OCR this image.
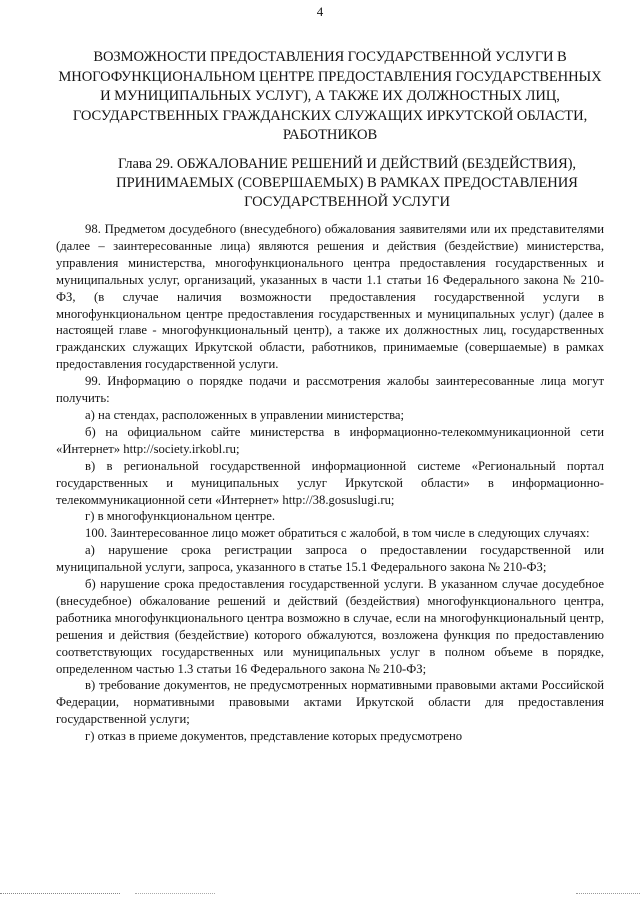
4
ВОЗМОЖНОСТИ ПРЕДОСТАВЛЕНИЯ ГОСУДАРСТВЕННОЙ УСЛУГИ В МНОГОФУНКЦИОНАЛЬНОМ ЦЕНТРЕ ПРЕДОСТАВЛЕНИЯ ГОСУДАРСТВЕННЫХ И МУНИЦИПАЛЬНЫХ УСЛУГ), А ТАКЖЕ ИХ ДОЛЖНОСТНЫХ ЛИЦ, ГОСУДАРСТВЕННЫХ ГРАЖДАНСКИХ СЛУЖАЩИХ ИРКУТСКОЙ ОБЛАСТИ, РАБОТНИКОВ
Глава 29. ОБЖАЛОВАНИЕ РЕШЕНИЙ И ДЕЙСТВИЙ (БЕЗДЕЙСТВИЯ), ПРИНИМАЕМЫХ (СОВЕРШАЕМЫХ) В РАМКАХ ПРЕДОСТАВЛЕНИЯ ГОСУДАРСТВЕННОЙ УСЛУГИ

98. Предметом досудебного (внесудебного) обжалования заявителями или их представителями (далее – заинтересованные лица) являются решения и действия (бездействие) министерства, управления министерства, многофункционального центра предоставления государственных и муниципальных услуг, организаций, указанных в части 1.1 статьи 16 Федерального закона № 210-ФЗ, (в случае наличия возможности предоставления государственной услуги в многофункциональном центре предоставления государственных и муниципальных услуг) (далее в настоящей главе - многофункциональный центр), а также их должностных лиц, государственных гражданских служащих Иркутской области, работников, принимаемые (совершаемые) в рамках предоставления государственной услуги.

99. Информацию о порядке подачи и рассмотрения жалобы заинтересованные лица могут получить:

а) на стендах, расположенных в управлении министерства;

б) на официальном сайте министерства в информационно-телекоммуникационной сети «Интернет» http://society.irkobl.ru;

в) в региональной государственной информационной системе «Региональный портал государственных и муниципальных услуг Иркутской области» в информационно-телекоммуникационной сети «Интернет» http://38.gosuslugi.ru;

г) в многофункциональном центре.

100. Заинтересованное лицо может обратиться с жалобой, в том числе в следующих случаях:

а) нарушение срока регистрации запроса о предоставлении государственной или муниципальной услуги, запроса, указанного в статье 15.1 Федерального закона № 210-ФЗ;

б) нарушение срока предоставления государственной услуги. В указанном случае досудебное (внесудебное) обжалование решений и действий (бездействия) многофункционального центра, работника многофункционального центра возможно в случае, если на многофункциональный центр, решения и действия (бездействие) которого обжалуются, возложена функция по предоставлению соответствующих государственных или муниципальных услуг в полном объеме в порядке, определенном частью 1.3 статьи 16 Федерального закона № 210-ФЗ;

в) требование документов, не предусмотренных нормативными правовыми актами Российской Федерации, нормативными правовыми актами Иркутской области для предоставления государственной услуги;

г) отказ в приеме документов, представление которых предусмотрено
